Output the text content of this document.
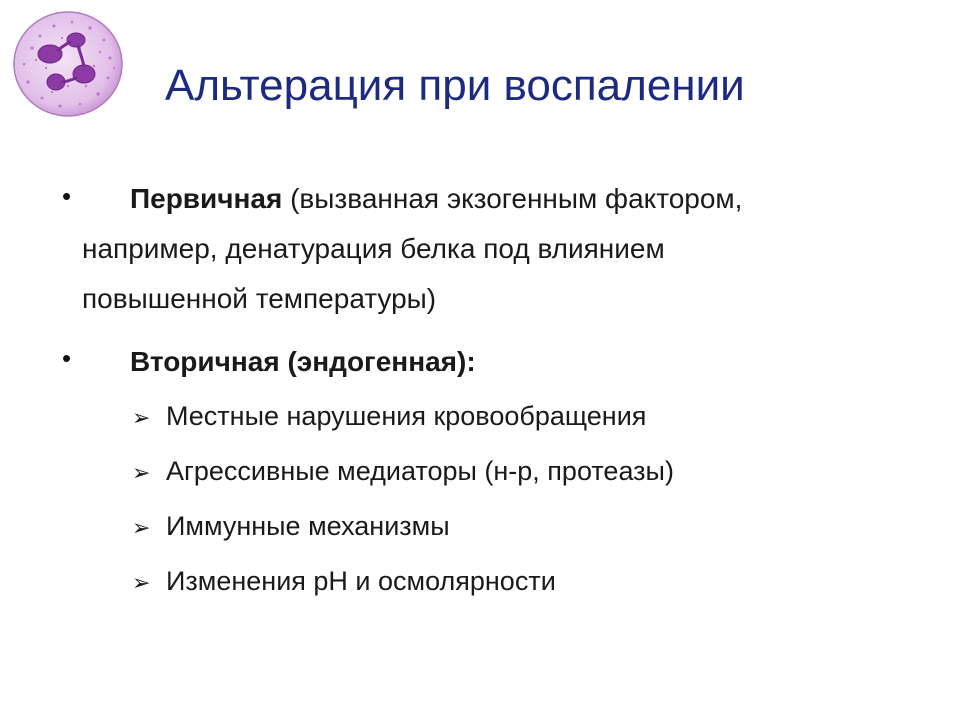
Альтерация при воспалении
• Первичная (вызванная экзогенным фактором,
например, денатурация белка под влиянием
повышенной температуры)
• Вторичная (эндогенная):
➢ Местные нарушения кровообращения
➢ Агрессивные медиаторы (н-р, протеазы)
➢ Иммунные механизмы
➢ Изменения рН и осмолярности
